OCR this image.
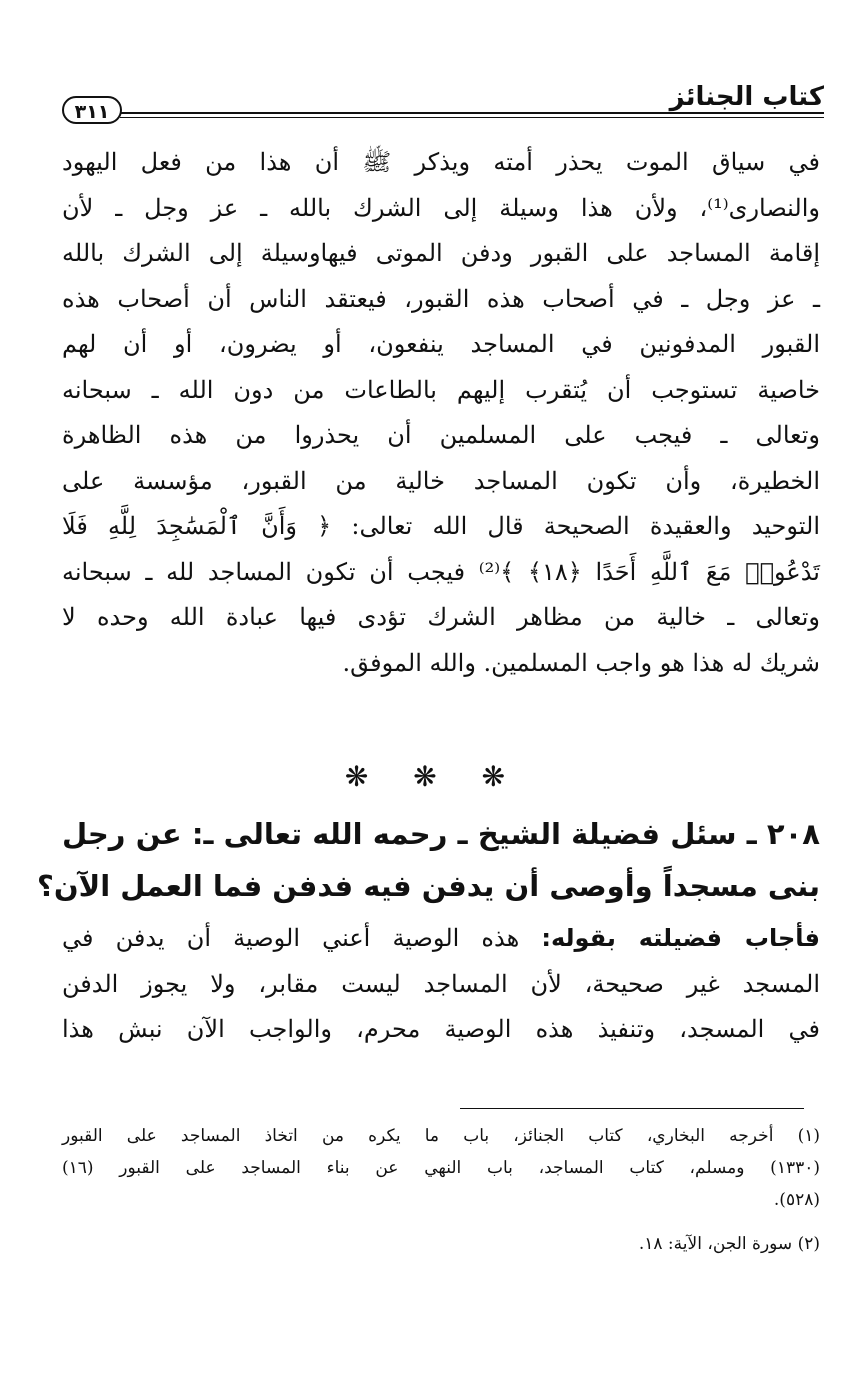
كتاب الجنائز
٣١١
في سياق الموت يحذر أمته ويذكر ﷺ أن هذا من فعل اليهود
والنصارى⁽¹⁾، ولأن هذا وسيلة إلى الشرك بالله ـ عز وجل ـ لأن
إقامة المساجد على القبور ودفن الموتى فيهاوسيلة إلى الشرك بالله
ـ عز وجل ـ في أصحاب هذه القبور، فيعتقد الناس أن أصحاب هذه
القبور المدفونين في المساجد ينفعون، أو يضرون، أو أن لهم
خاصية تستوجب أن يُتقرب إليهم بالطاعات من دون الله ـ سبحانه
وتعالى ـ فيجب على المسلمين أن يحذروا من هذه الظاهرة
الخطيرة، وأن تكون المساجد خالية من القبور، مؤسسة على
التوحيد والعقيدة الصحيحة قال الله تعالى: ﴿ وَأَنَّ ٱلْمَسَٰجِدَ لِلَّهِ فَلَا
تَدْعُوا۟ مَعَ ٱللَّهِ أَحَدًا ﴿١٨﴾ ﴾⁽²⁾ فيجب أن تكون المساجد لله ـ سبحانه
وتعالى ـ خالية من مظاهر الشرك تؤدى فيها عبادة الله وحده لا
شريك له هذا هو واجب المسلمين. والله الموفق.
❋ ❋ ❋
٢٠٨ ـ سئل فضيلة الشيخ ـ رحمه الله تعالى ـ: عن رجل
بنى مسجداً وأوصى أن يدفن فيه فدفن فما العمل الآن؟
فأجاب فضيلته بقوله: هذه الوصية أعني الوصية أن يدفن في
المسجد غير صحيحة، لأن المساجد ليست مقابر، ولا يجوز الدفن
في المسجد، وتنفيذ هذه الوصية محرم، والواجب الآن نبش هذا
(١) أخرجه البخاري، كتاب الجنائز، باب ما يكره من اتخاذ المساجد على القبور
(١٣٣٠) ومسلم، كتاب المساجد، باب النهي عن بناء المساجد على القبور (١٦)
(٥٢٨).
(٢) سورة الجن، الآية: ١٨.
